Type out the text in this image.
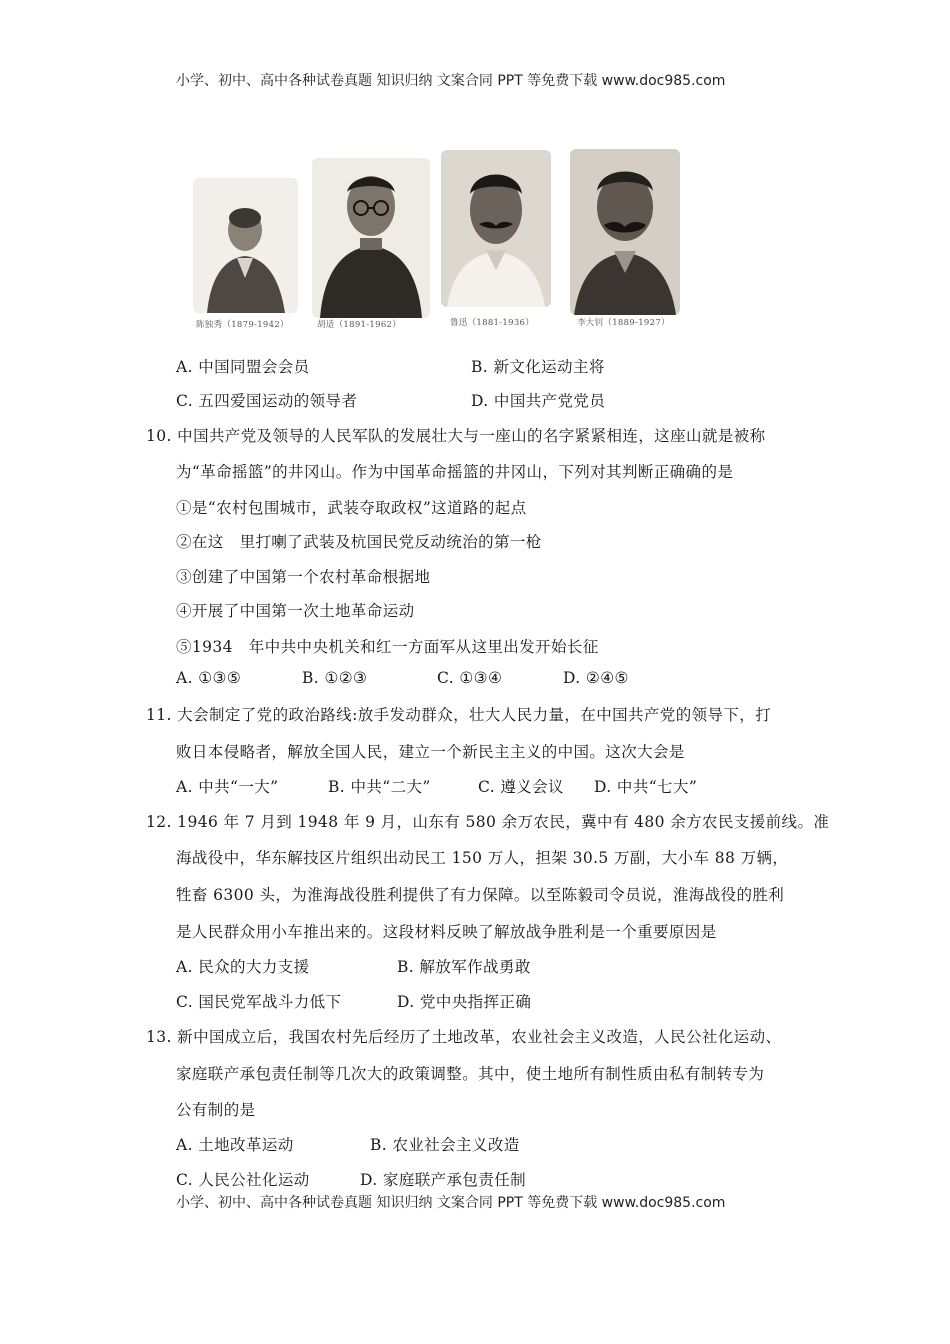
小学、初中、高中各种试卷真题 知识归纳 文案合同 PPT 等免费下载 www.doc985.com
陈独秀（1879-1942）	胡适（1891-1962）	鲁迅（1881-1936）	李大钊（1889-1927）
A. 中国同盟会会员	B. 新文化运动主将
C. 五四爱国运动的领导者	D. 中国共产党党员
10. 中国共产党及领导的人民军队的发展壮大与一座山的名字紧紧相连，这座山就是被称
为“革命摇篮”的井冈山。作为中国革命摇篮的井冈山，下列对其判断正确确的是
①是“农村包围城市，武装夺取政权”这道路的起点
②在这　里打喇了武装及杭国民党反动统治的第一枪
③创建了中国第一个农村革命根据地
④开展了中国第一次土地革命运动
⑤1934　年中共中央机关和红一方面军从这里出发开始长征
A. ①③⑤	B. ①②③	C. ①③④	D. ②④⑤
11. 大会制定了党的政治路线:放手发动群众，壮大人民力量，在中国共产党的领导下，打
败日本侵略者，解放全国人民，建立一个新民主主义的中国。这次大会是
A. 中共“一大”	B. 中共“二大”	C. 遵义会议 D. 中共“七大”
12. 1946 年 7 月到 1948 年 9 月，山东有 580 余万农民，冀中有 480 余方农民支援前线。准
海战役中，华东解技区片组织出动民工 150 万人，担架 30.5 万副，大小车 88 万辆，
牲畜 6300 头，为淮海战役胜利提供了有力保障。以至陈毅司令员说，淮海战役的胜利
是人民群众用小车推出来的。这段材料反映了解放战争胜利是一个重要原因是
A. 民众的大力支援	B. 解放军作战勇敢
C. 国民党军战斗力低下	D. 党中央指挥正确
13. 新中国成立后，我国农村先后经历了土地改革，农业社会主义改造，人民公社化运动、
家庭联产承包责任制等几次大的政策调整。其中，使土地所有制性质由私有制转专为
公有制的是
A. 土地改革运动	B. 农业社会主义改造
C. 人民公社化运动	D. 家庭联产承包责任制
小学、初中、高中各种试卷真题 知识归纳 文案合同 PPT 等免费下载 www.doc985.com
